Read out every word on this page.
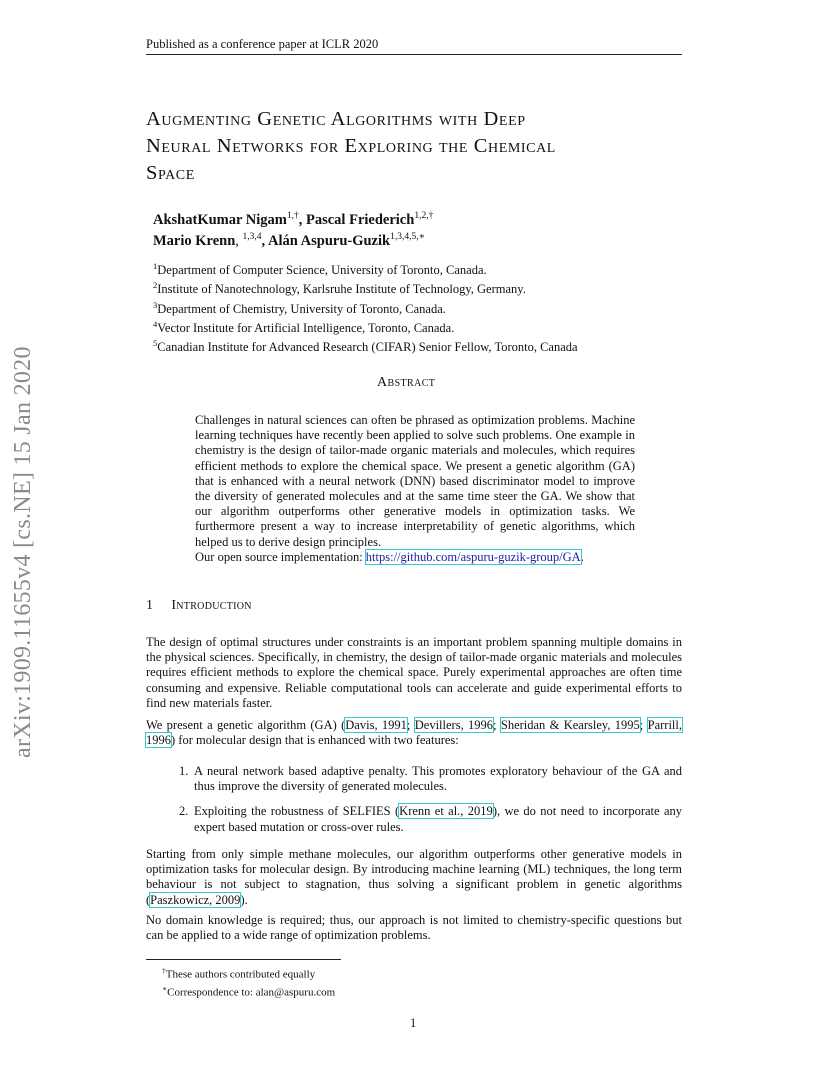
Published as a conference paper at ICLR 2020
arXiv:1909.11655v4 [cs.NE] 15 Jan 2020
Augmenting Genetic Algorithms with Deep
Neural Networks for Exploring the Chemical
Space
AkshatKumar Nigam$^{1,\dagger}$, Pascal Friederich$^{1,2,\dagger}$
Mario Krenn, $^{1,3,4}$, Alán Aspuru-Guzik$^{1,3,4,5,∗}$
$^1$Department of Computer Science, University of Toronto, Canada.
$^2$Institute of Nanotechnology, Karlsruhe Institute of Technology, Germany.
$^3$Department of Chemistry, University of Toronto, Canada.
$^4$Vector Institute for Artificial Intelligence, Toronto, Canada.
$^5$Canadian Institute for Advanced Research (CIFAR) Senior Fellow, Toronto, Canada
Abstract

Challenges in natural sciences can often be phrased as optimization problems. Machine learning techniques have recently been applied to solve such problems. One example in chemistry is the design of tailor-made organic materials and molecules, which requires efficient methods to explore the chemical space. We present a genetic algorithm (GA) that is enhanced with a neural network (DNN) based discriminator model to improve the diversity of generated molecules and at the same time steer the GA. We show that our algorithm outperforms other generative models in optimization tasks. We furthermore present a way to increase interpretability of genetic algorithms, which helped us to derive design principles.

Our open source implementation: https://github.com/aspuru-guzik-group/GA.

1 Introduction

The design of optimal structures under constraints is an important problem spanning multiple domains in the physical sciences. Specifically, in chemistry, the design of tailor-made organic materials and molecules requires efficient methods to explore the chemical space. Purely experimental approaches are often time consuming and expensive. Reliable computational tools can accelerate and guide experimental efforts to find new materials faster.

We present a genetic algorithm (GA) (Davis, 1991; Devillers, 1996; Sheridan & Kearsley, 1995; Parrill, 1996) for molecular design that is enhanced with two features:

1. A neural network based adaptive penalty. This promotes exploratory behaviour of the GA and thus improve the diversity of generated molecules.
2. Exploiting the robustness of SELFIES (Krenn et al., 2019), we do not need to incorporate any expert based mutation or cross-over rules.

Starting from only simple methane molecules, our algorithm outperforms other generative models in optimization tasks for molecular design. By introducing machine learning (ML) techniques, the long term behaviour is not subject to stagnation, thus solving a significant problem in genetic algorithms (Paszkowicz, 2009).

No domain knowledge is required; thus, our approach is not limited to chemistry-specific questions but can be applied to a wide range of optimization problems.

†These authors contributed equally
∗Correspondence to: alan@aspuru.com
1
